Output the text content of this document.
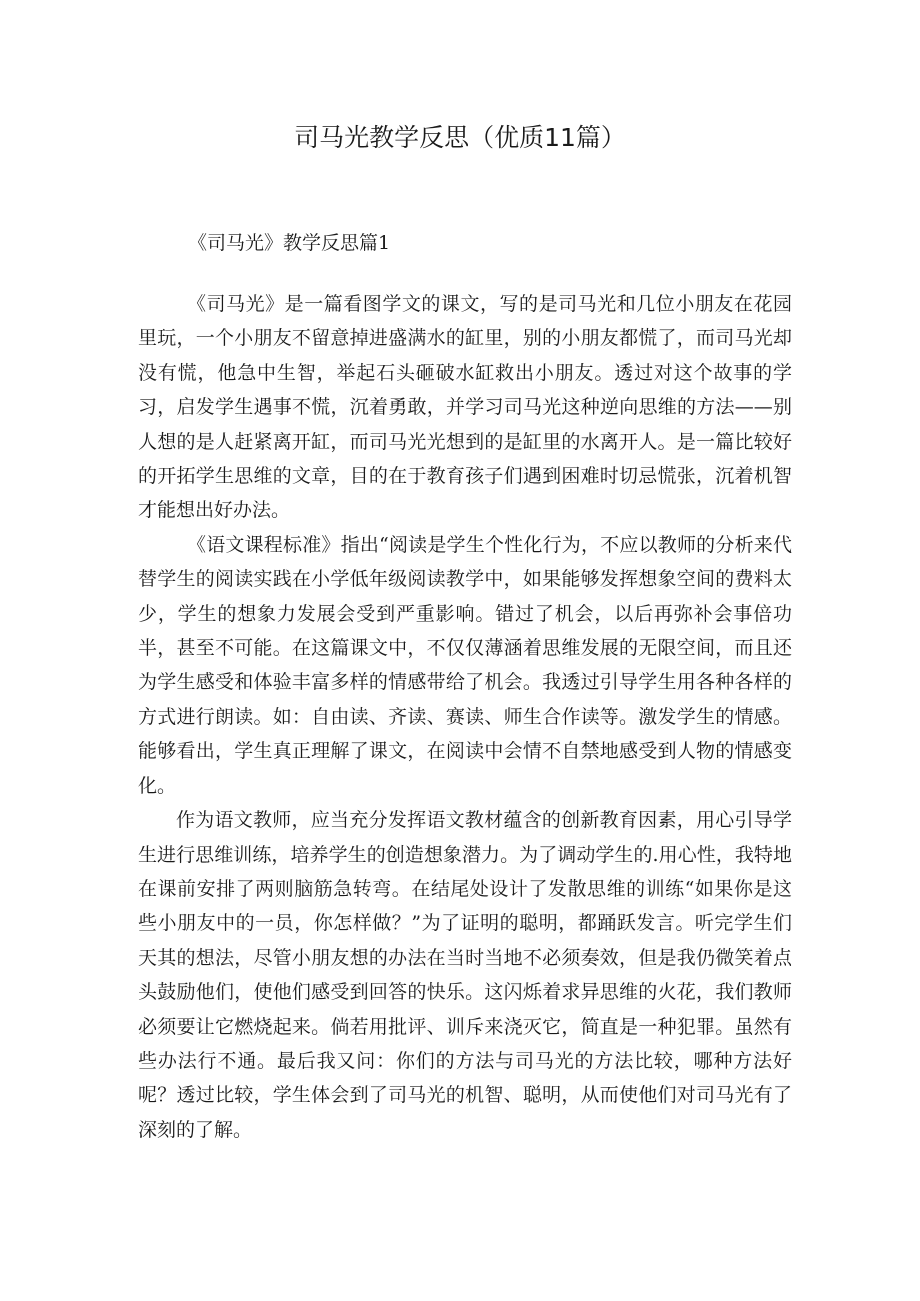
司马光教学反思（优质11篇）
《司马光》教学反思篇1

《司马光》是一篇看图学文的课文，写的是司马光和几位小朋友在花园里玩，一个小朋友不留意掉进盛满水的缸里，别的小朋友都慌了，而司马光却没有慌，他急中生智，举起石头砸破水缸救出小朋友。透过对这个故事的学习，启发学生遇事不慌，沉着勇敢，并学习司马光这种逆向思维的方法——别人想的是人赶紧离开缸，而司马光光想到的是缸里的水离开人。是一篇比较好的开拓学生思维的文章，目的在于教育孩子们遇到困难时切忌慌张，沉着机智才能想出好办法。

《语文课程标准》指出“阅读是学生个性化行为，不应以教师的分析来代替学生的阅读实践在小学低年级阅读教学中，如果能够发挥想象空间的费料太少，学生的想象力发展会受到严重影响。错过了机会，以后再弥补会事倍功半，甚至不可能。在这篇课文中，不仅仅薄涵着思维发展的无限空间，而且还为学生感受和体验丰富多样的情感带给了机会。我透过引导学生用各种各样的方式进行朗读。如：自由读、齐读、赛读、师生合作读等。激发学生的情感。能够看出，学生真正理解了课文，在阅读中会情不自禁地感受到人物的情感变化。

作为语文教师，应当充分发挥语文教材蕴含的创新教育因素，用心引导学生进行思维训练，培养学生的创造想象潜力。为了调动学生的.用心性，我特地在课前安排了两则脑筋急转弯。在结尾处设计了发散思维的训练“如果你是这些小朋友中的一员，你怎样做？”为了证明的聪明，都踊跃发言。听完学生们天其的想法，尽管小朋友想的办法在当时当地不必须奏效，但是我仍微笑着点头鼓励他们，使他们感受到回答的快乐。这闪烁着求异思维的火花，我们教师必须要让它燃烧起来。倘若用批评、训斥来浇灭它，简直是一种犯罪。虽然有些办法行不通。最后我又问：你们的方法与司马光的方法比较，哪种方法好呢？透过比较，学生体会到了司马光的机智、聪明，从而使他们对司马光有了深刻的了解。
